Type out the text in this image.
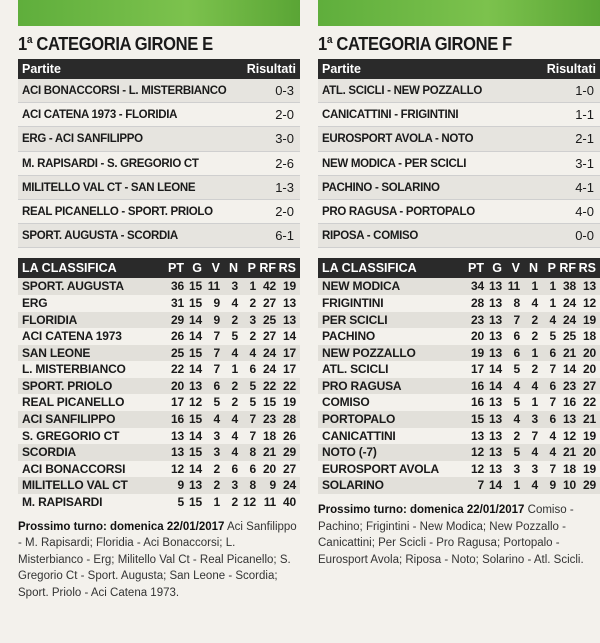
1$^a$ CATEGORIA GIRONE E
Partite	Risultati
ACI BONACCORSI - L. MISTERBIANCO	0-3
ACI CATENA 1973 - FLORIDIA	2-0
ERG - ACI SANFILIPPO	3-0
M. RAPISARDI - S. GREGORIO CT	2-6
MILITELLO VAL CT - SAN LEONE	1-3
REAL PICANELLO - SPORT. PRIOLO	2-0
SPORT. AUGUSTA - SCORDIA	6-1
LA CLASSIFICA	PT G V N P RF RS
SPORT. AUGUSTA	36 15 11 3 1 42 19
ERG	31 15 9 4 2 27 13
FLORIDIA	29 14 9 2 3 25 13
ACI CATENA 1973	26 14 7 5 2 27 14
SAN LEONE	25 15 7 4 4 24 17
L. MISTERBIANCO	22 14 7 1 6 24 17
SPORT. PRIOLO	20 13 6 2 5 22 22
REAL PICANELLO	17 12 5 2 5 15 19
ACI SANFILIPPO	16 15 4 4 7 23 28
S. GREGORIO CT	13 14 3 4 7 18 26
SCORDIA	13 15 3 4 8 21 29
ACI BONACCORSI	12 14 2 6 6 20 27
MILITELLO VAL CT	9 13 2 3 8	9 24
M. RAPISARDI	5 15 1 2 12 11 40
Prossimo turno: domenica 22/01/2017 Aci Sanfilippo - M. Rapisardi; Floridia - Aci Bonaccorsi; L. Misterbianco - Erg; Militello Val Ct - Real Picanello; S. Gregorio Ct - Sport. Augusta; San Leone - Scordia; Sport. Priolo - Aci Catena 1973.
1$^a$ CATEGORIA GIRONE F
Partite	Risultati
ATL. SCICLI - NEW POZZALLO	1-0
CANICATTINI - FRIGINTINI	1-1
EUROSPORT AVOLA - NOTO	2-1
NEW MODICA - PER SCICLI	3-1
PACHINO - SOLARINO	4-1
PRO RAGUSA - PORTOPALO	4-0
RIPOSA - COMISO	0-0
LA CLASSIFICA	PT G V N P RF RS
NEW MODICA	34 13 11 1 1 38 13
FRIGINTINI	28 13 8 4 1 24 12
PER SCICLI	23 13 7 2 4 24 19
PACHINO	20 13 6 2 5 25 18
NEW POZZALLO	19 13 6 1 6 21 20
ATL. SCICLI	17 14 5 2 7 14 20
PRO RAGUSA	16 14 4 4 6 23 27
COMISO	16 13 5 1 7 16 22
PORTOPALO	15 13 4 3 6 13 21
CANICATTINI	13 13 2 7 4 12 19
NOTO (-7)	12 13 5 4 4 21 20
EUROSPORT AVOLA	12 13 3 3 7 18 19
SOLARINO	7 14 1 4 9 10 29
Prossimo turno: domenica 22/01/2017 Comiso - Pachino; Frigintini - New Modica; New Pozzallo - Canicattini; Per Scicli - Pro Ragusa; Portopalo - Eurosport Avola; Riposa - Noto; Solarino - Atl. Scicli.
